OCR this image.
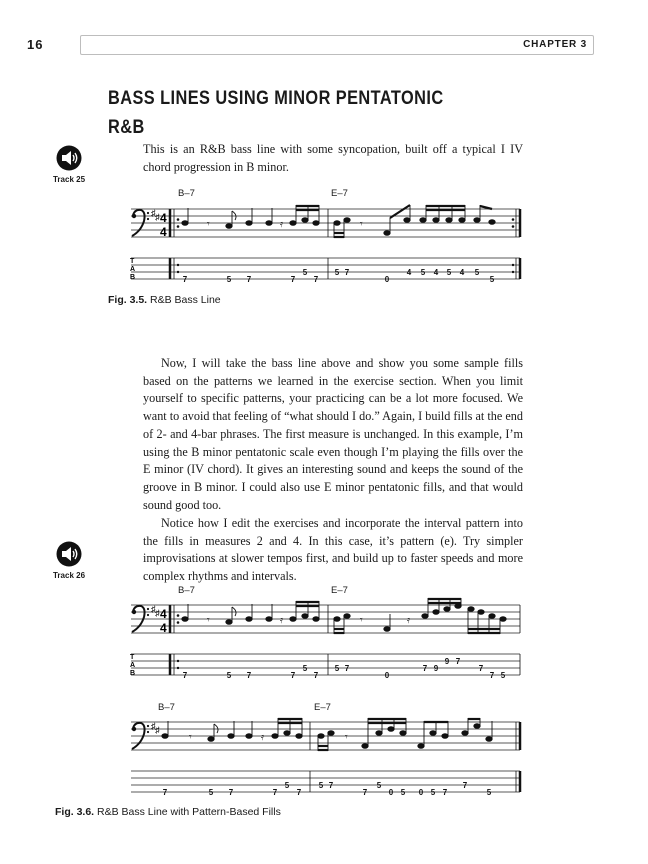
16	CHAPTER 3
BASS LINES USING MINOR PENTATONIC
R&B
Track 25
This is an R&B bass line with some syncopation, built off a typical I IV chord progression in B minor.
B–7	E–7
♯ ♯ 4
4
𝄾	𝄿	𝄾
T
A
B	7	5 7	7
5
7
5 7
0
4 5 4 5 4 5
5
Fig. 3.5. R&B Bass Line
Now, I will take the bass line above and show you some sample fills based on the patterns we learned in the exercise section. When you limit yourself to specific patterns, your practicing can be a lot more focused. We want to avoid that feeling of “what should I do.” Again, I build fills at the end of 2- and 4-bar phrases. The first measure is unchanged. In this example, I’m using the B minor pentatonic scale even though I’m playing the fills over the E minor (IV chord). It gives an interesting sound and keeps the sound of the groove in B minor. I could also use E minor pentatonic fills, and that would sound good too.
Notice how I edit the exercises and incorporate the interval pattern into the fills in measures 2 and 4. In this case, it’s pattern (e). Try simpler improvisations at slower tempos first, and build up to faster speeds and more complex rhythms and intervals.
Track 26
B–7	E–7
♯ ♯ 4
4
𝄾	𝄿	𝄾	𝄿
T
A
B	7	5 7	7
5
7
5 7
0
7 9
9 7
7
7 5
B–7	E–7
♯ ♯
𝄾	𝄿	𝄾
7	5 7	7
5
7
5 7
7
5
0 5 0 5 7
7
5
Fig. 3.6. R&B Bass Line with Pattern-Based Fills
